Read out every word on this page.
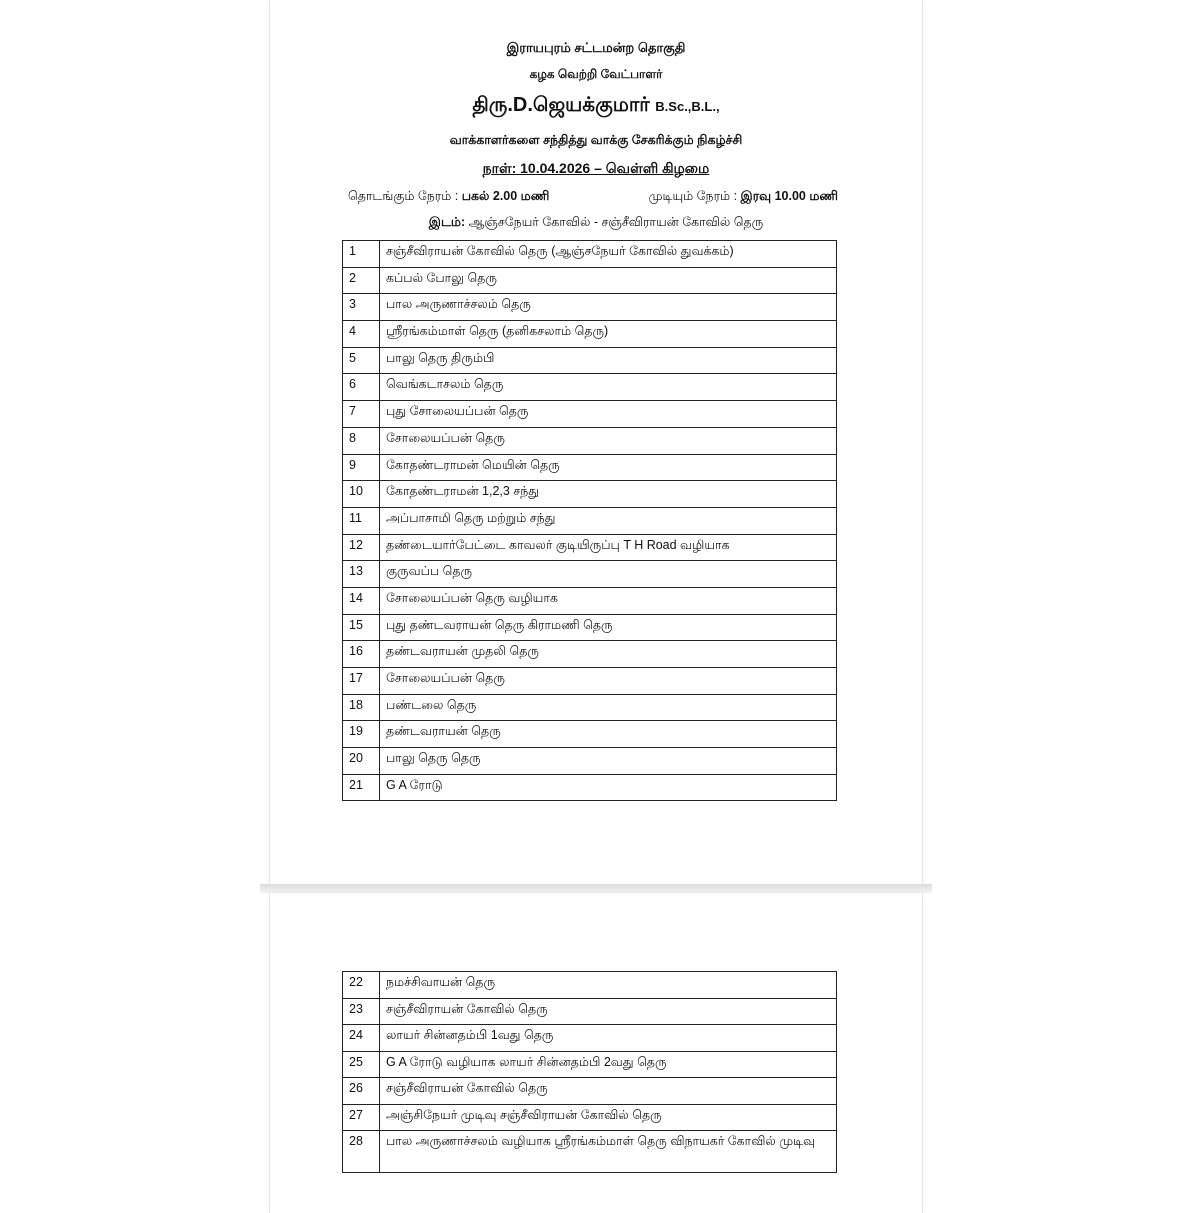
இராயபுரம் சட்டமன்ற தொகுதி
கழக வெற்றி வேட்பாளர்
திரு.D.ஜெயக்குமார் B.Sc.,B.L.,
வாக்காளர்களை சந்தித்து வாக்கு சேகரிக்கும் நிகழ்ச்சி
நாள்: 10.04.2026 – வெள்ளி கிழமை
தொடங்கும் நேரம் : பகல் 2.00 மணி	முடியும் நேரம் : இரவு 10.00 மணி
இடம்: ஆஞ்சநேயர் கோவில் - சஞ்சீவிராயன் கோவில் தெரு
1	சஞ்சீவிராயன் கோவில் தெரு (ஆஞ்சநேயர் கோவில் துவக்கம்)
2	கப்பல் போலு தெரு
3	பால அருணாச்சலம் தெரு
4	ஸ்ரீரங்கம்மாள் தெரு (தனிகசலாம் தெரு)
5	பாலு தெரு திரும்பி
6	வெங்கடாசலம் தெரு
7	புது சோலையப்பன் தெரு
8	சோலையப்பன் தெரு
9	கோதண்டராமன் மெயின் தெரு
10	கோதண்டராமன் 1,2,3 சந்து
11	அப்பாசாமி தெரு மற்றும் சந்து
12	தண்டையார்பேட்டை காவலர் குடியிருப்பு T H Road வழியாக
13	குருவப்ப தெரு
14	சோலையப்பன் தெரு வழியாக
15	புது தண்டவராயன் தெரு கிராமணி தெரு
16	தண்டவராயன் முதலி தெரு
17	சோலையப்பன் தெரு
18	பண்டலை தெரு
19	தண்டவராயன் தெரு
20	பாலு தெரு தெரு
21	G A ரோடு
22	நமச்சிவாயன் தெரு
23	சஞ்சீவிராயன் கோவில் தெரு
24	லாயர் சின்னதம்பி 1வது தெரு
25	G A ரோடு வழியாக லாயர் சின்னதம்பி 2வது தெரு
26	சஞ்சீவிராயன் கோவில் தெரு
27	அஞ்சிநேயர் முடிவு சஞ்சீவிராயன் கோவில் தெரு
28	பால அருணாச்சலம் வழியாக ஸ்ரீரங்கம்மாள் தெரு விநாயகர் கோவில் முடிவு
